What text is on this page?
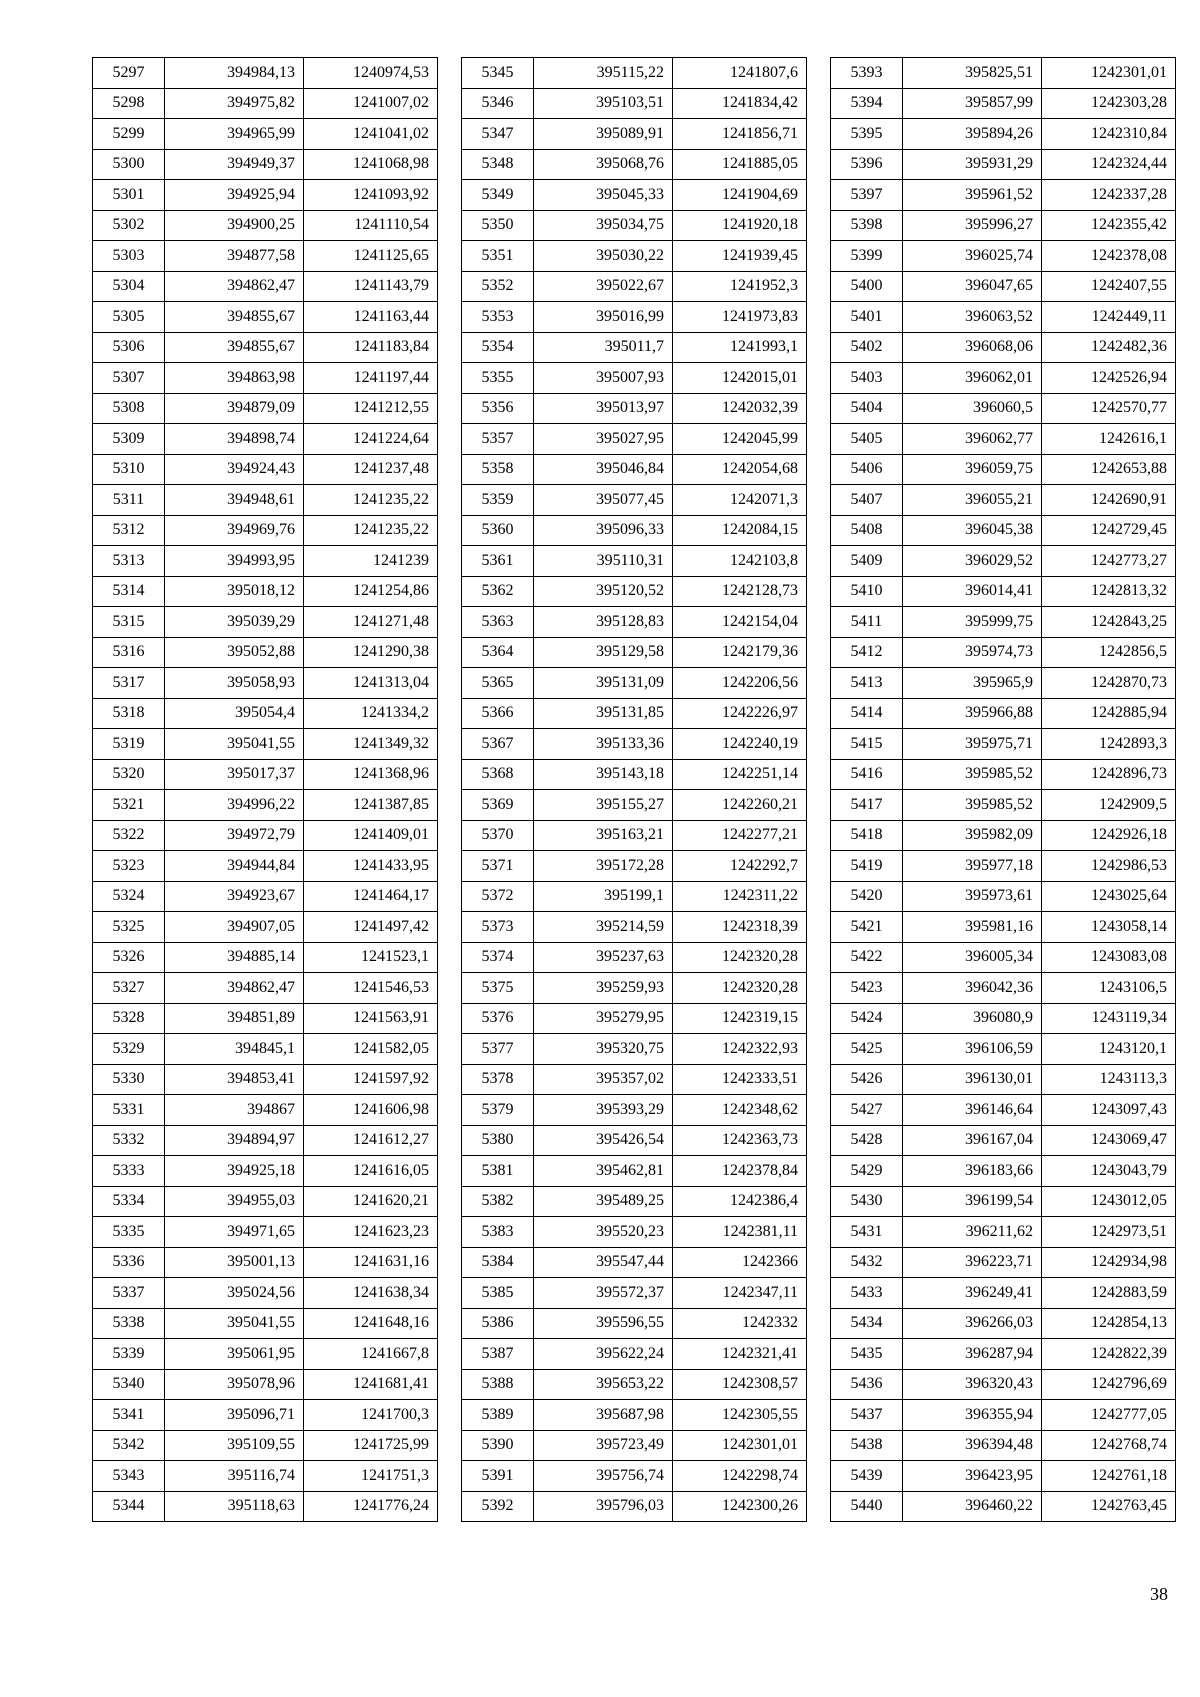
5297	394984,13	1240974,53
5298	394975,82	1241007,02
5299	394965,99	1241041,02
5300	394949,37	1241068,98
5301	394925,94	1241093,92
5302	394900,25	1241110,54
5303	394877,58	1241125,65
5304	394862,47	1241143,79
5305	394855,67	1241163,44
5306	394855,67	1241183,84
5307	394863,98	1241197,44
5308	394879,09	1241212,55
5309	394898,74	1241224,64
5310	394924,43	1241237,48
5311	394948,61	1241235,22
5312	394969,76	1241235,22
5313	394993,95	1241239
5314	395018,12	1241254,86
5315	395039,29	1241271,48
5316	395052,88	1241290,38
5317	395058,93	1241313,04
5318	395054,4	1241334,2
5319	395041,55	1241349,32
5320	395017,37	1241368,96
5321	394996,22	1241387,85
5322	394972,79	1241409,01
5323	394944,84	1241433,95
5324	394923,67	1241464,17
5325	394907,05	1241497,42
5326	394885,14	1241523,1
5327	394862,47	1241546,53
5328	394851,89	1241563,91
5329	394845,1	1241582,05
5330	394853,41	1241597,92
5331	394867	1241606,98
5332	394894,97	1241612,27
5333	394925,18	1241616,05
5334	394955,03	1241620,21
5335	394971,65	1241623,23
5336	395001,13	1241631,16
5337	395024,56	1241638,34
5338	395041,55	1241648,16
5339	395061,95	1241667,8
5340	395078,96	1241681,41
5341	395096,71	1241700,3
5342	395109,55	1241725,99
5343	395116,74	1241751,3
5344	395118,63	1241776,24
5345	395115,22	1241807,6
5346	395103,51	1241834,42
5347	395089,91	1241856,71
5348	395068,76	1241885,05
5349	395045,33	1241904,69
5350	395034,75	1241920,18
5351	395030,22	1241939,45
5352	395022,67	1241952,3
5353	395016,99	1241973,83
5354	395011,7	1241993,1
5355	395007,93	1242015,01
5356	395013,97	1242032,39
5357	395027,95	1242045,99
5358	395046,84	1242054,68
5359	395077,45	1242071,3
5360	395096,33	1242084,15
5361	395110,31	1242103,8
5362	395120,52	1242128,73
5363	395128,83	1242154,04
5364	395129,58	1242179,36
5365	395131,09	1242206,56
5366	395131,85	1242226,97
5367	395133,36	1242240,19
5368	395143,18	1242251,14
5369	395155,27	1242260,21
5370	395163,21	1242277,21
5371	395172,28	1242292,7
5372	395199,1	1242311,22
5373	395214,59	1242318,39
5374	395237,63	1242320,28
5375	395259,93	1242320,28
5376	395279,95	1242319,15
5377	395320,75	1242322,93
5378	395357,02	1242333,51
5379	395393,29	1242348,62
5380	395426,54	1242363,73
5381	395462,81	1242378,84
5382	395489,25	1242386,4
5383	395520,23	1242381,11
5384	395547,44	1242366
5385	395572,37	1242347,11
5386	395596,55	1242332
5387	395622,24	1242321,41
5388	395653,22	1242308,57
5389	395687,98	1242305,55
5390	395723,49	1242301,01
5391	395756,74	1242298,74
5392	395796,03	1242300,26
5393	395825,51	1242301,01
5394	395857,99	1242303,28
5395	395894,26	1242310,84
5396	395931,29	1242324,44
5397	395961,52	1242337,28
5398	395996,27	1242355,42
5399	396025,74	1242378,08
5400	396047,65	1242407,55
5401	396063,52	1242449,11
5402	396068,06	1242482,36
5403	396062,01	1242526,94
5404	396060,5	1242570,77
5405	396062,77	1242616,1
5406	396059,75	1242653,88
5407	396055,21	1242690,91
5408	396045,38	1242729,45
5409	396029,52	1242773,27
5410	396014,41	1242813,32
5411	395999,75	1242843,25
5412	395974,73	1242856,5
5413	395965,9	1242870,73
5414	395966,88	1242885,94
5415	395975,71	1242893,3
5416	395985,52	1242896,73
5417	395985,52	1242909,5
5418	395982,09	1242926,18
5419	395977,18	1242986,53
5420	395973,61	1243025,64
5421	395981,16	1243058,14
5422	396005,34	1243083,08
5423	396042,36	1243106,5
5424	396080,9	1243119,34
5425	396106,59	1243120,1
5426	396130,01	1243113,3
5427	396146,64	1243097,43
5428	396167,04	1243069,47
5429	396183,66	1243043,79
5430	396199,54	1243012,05
5431	396211,62	1242973,51
5432	396223,71	1242934,98
5433	396249,41	1242883,59
5434	396266,03	1242854,13
5435	396287,94	1242822,39
5436	396320,43	1242796,69
5437	396355,94	1242777,05
5438	396394,48	1242768,74
5439	396423,95	1242761,18
5440	396460,22	1242763,45
38
